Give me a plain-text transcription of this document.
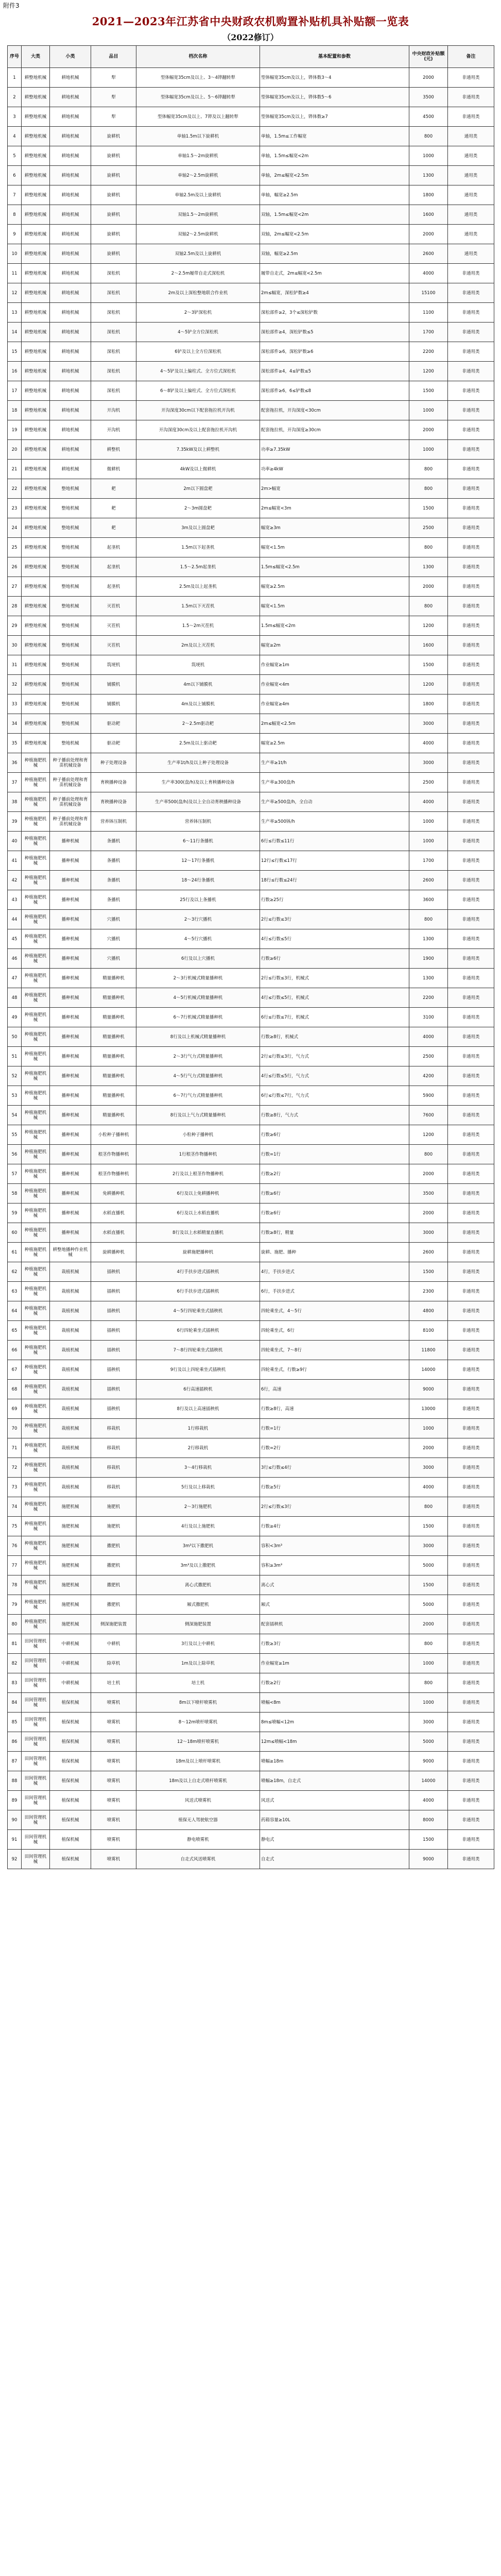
附件3
2021—2023年江苏省中央财政农机购置补贴机具补贴额一览表
（2022修订）
序号	大类	小类	品目	档次名称	基本配置和参数	中央财政补贴额(元)	备注
1	耕整地机械	耕地机械	犁	型体幅宽35cm及以上、3～4铧翻转犁	型体幅宽35cm及以上，铧体数3～4	2000	非通用类
2	耕整地机械	耕地机械	犁	型体幅宽35cm及以上、5～6铧翻转犁	型体幅宽35cm及以上，铧体数5～6	3500	非通用类
3	耕整地机械	耕地机械	犁	型体幅宽35cm及以上、7铧及以上翻转犁	型体幅宽35cm及以上，铧体数≥7	4500	非通用类
4	耕整地机械	耕地机械	旋耕机	单轴1.5m以下旋耕机	单轴，1.5m≤工作幅宽	800	通用类
5	耕整地机械	耕地机械	旋耕机	单轴1.5～2m旋耕机	单轴，1.5m≤幅宽<2m	1000	通用类
6	耕整地机械	耕地机械	旋耕机	单轴2～2.5m旋耕机	单轴，2m≤幅宽<2.5m	1300	通用类
7	耕整地机械	耕地机械	旋耕机	单轴2.5m及以上旋耕机	单轴，幅宽≥2.5m	1800	通用类
8	耕整地机械	耕地机械	旋耕机	双轴1.5～2m旋耕机	双轴，1.5m≤幅宽<2m	1600	通用类
9	耕整地机械	耕地机械	旋耕机	双轴2～2.5m旋耕机	双轴，2m≤幅宽<2.5m	2000	通用类
10	耕整地机械	耕地机械	旋耕机	双轴2.5m及以上旋耕机	双轴，幅宽≥2.5m	2600	通用类
11	耕整地机械	耕地机械	深松机	2～2.5m履带自走式深松机	履带自走式，2m≤幅宽<2.5m	4000	非通用类
12	耕整地机械	耕地机械	深松机	2m及以上深松整地联合作业机	2m≤幅宽，深松铲数≥4	15100	非通用类
13	耕整地机械	耕地机械	深松机	2～3铲深松机	深松部件≥2，3个≤深松铲数	1100	非通用类
14	耕整地机械	耕地机械	深松机	4～5铲全方位深松机	深松部件≥4，深松铲数≤5	1700	非通用类
15	耕整地机械	耕地机械	深松机	6铲及以上全方位深松机	深松部件≥6，深松铲数≥6	2200	非通用类
16	耕整地机械	耕地机械	深松机	4～5铲及以上偏柱式、全方位式深松机	深松部件≥4，4≤铲数≤5	1200	非通用类
17	耕整地机械	耕地机械	深松机	6～8铲及以上偏柱式、全方位式深松机	深松部件≥6，6≤铲数≤8	1500	非通用类
18	耕整地机械	耕地机械	开沟机	开沟深度30cm以下配套拖拉机开沟机	配套拖拉机，开沟深度<30cm	1000	非通用类
19	耕整地机械	耕地机械	开沟机	开沟深度30cm及以上配套拖拉机开沟机	配套拖拉机，开沟深度≥30cm	2000	非通用类
20	耕整地机械	耕地机械	耕整机	7.35kW及以上耕整机	功率≥7.35kW	1000	非通用类
21	耕整地机械	耕地机械	微耕机	4kW及以上微耕机	功率≥4kW	800	非通用类
22	耕整地机械	整地机械	耙	2m以下圆盘耙	2m>幅宽	800	非通用类
23	耕整地机械	整地机械	耙	2～3m圆盘耙	2m≤幅宽<3m	1500	非通用类
24	耕整地机械	整地机械	耙	3m及以上圆盘耙	幅宽≥3m	2500	非通用类
25	耕整地机械	整地机械	起垄机	1.5m以下起垄机	幅宽<1.5m	800	非通用类
26	耕整地机械	整地机械	起垄机	1.5～2.5m起垄机	1.5m≤幅宽<2.5m	1300	非通用类
27	耕整地机械	整地机械	起垄机	2.5m及以上起垄机	幅宽≥2.5m	2000	非通用类
28	耕整地机械	整地机械	灭茬机	1.5m以下灭茬机	幅宽<1.5m	800	非通用类
29	耕整地机械	整地机械	灭茬机	1.5～2m灭茬机	1.5m≤幅宽<2m	1200	非通用类
30	耕整地机械	整地机械	灭茬机	2m及以上灭茬机	幅宽≥2m	1600	非通用类
31	耕整地机械	整地机械	筑埂机	筑埂机	作业幅宽≥1m	1500	非通用类
32	耕整地机械	整地机械	铺膜机	4m以下铺膜机	作业幅宽<4m	1200	非通用类
33	耕整地机械	整地机械	铺膜机	4m及以上铺膜机	作业幅宽≥4m	1800	非通用类
34	耕整地机械	整地机械	驱动耙	2～2.5m驱动耙	2m≤幅宽<2.5m	3000	非通用类
35	耕整地机械	整地机械	驱动耙	2.5m及以上驱动耙	幅宽≥2.5m	4000	非通用类
36	种植施肥机械	种子播前处理和育苗机械设备	种子处理设备	生产率1t/h及以上种子处理设备	生产率≥1t/h	3000	非通用类
37	种植施肥机械	种子播前处理和育苗机械设备	育秧播种设备	生产率300(盘/h)及以上育秧播种设备	生产率≥300盘/h	2500	非通用类
38	种植施肥机械	种子播前处理和育苗机械设备	育秧播种设备	生产率500(盘/h)及以上全自动育秧播种设备	生产率≥500盘/h，全自动	4000	非通用类
39	种植施肥机械	种子播前处理和育苗机械设备	营养钵压制机	营养钵压制机	生产率≥500钵/h	1000	非通用类
40	种植施肥机械	播种机械	条播机	6～11行条播机	6行≤行数≤11行	1000	非通用类
41	种植施肥机械	播种机械	条播机	12～17行条播机	12行≤行数≤17行	1700	非通用类
42	种植施肥机械	播种机械	条播机	18～24行条播机	18行≤行数≤24行	2600	非通用类
43	种植施肥机械	播种机械	条播机	25行及以上条播机	行数≥25行	3600	非通用类
44	种植施肥机械	播种机械	穴播机	2～3行穴播机	2行≤行数≤3行	800	非通用类
45	种植施肥机械	播种机械	穴播机	4～5行穴播机	4行≤行数≤5行	1300	非通用类
46	种植施肥机械	播种机械	穴播机	6行及以上穴播机	行数≥6行	1900	非通用类
47	种植施肥机械	播种机械	精量播种机	2～3行机械式精量播种机	2行≤行数≤3行，机械式	1300	非通用类
48	种植施肥机械	播种机械	精量播种机	4～5行机械式精量播种机	4行≤行数≤5行，机械式	2200	非通用类
49	种植施肥机械	播种机械	精量播种机	6～7行机械式精量播种机	6行≤行数≤7行，机械式	3100	非通用类
50	种植施肥机械	播种机械	精量播种机	8行及以上机械式精量播种机	行数≥8行，机械式	4000	非通用类
51	种植施肥机械	播种机械	精量播种机	2～3行气力式精量播种机	2行≤行数≤3行，气力式	2500	非通用类
52	种植施肥机械	播种机械	精量播种机	4～5行气力式精量播种机	4行≤行数≤5行，气力式	4200	非通用类
53	种植施肥机械	播种机械	精量播种机	6～7行气力式精量播种机	6行≤行数≤7行，气力式	5900	非通用类
54	种植施肥机械	播种机械	精量播种机	8行及以上气力式精量播种机	行数≥8行，气力式	7600	非通用类
55	种植施肥机械	播种机械	小粒种子播种机	小粒种子播种机	行数≥6行	1200	非通用类
56	种植施肥机械	播种机械	根茎作物播种机	1行根茎作物播种机	行数=1行	800	非通用类
57	种植施肥机械	播种机械	根茎作物播种机	2行及以上根茎作物播种机	行数≥2行	2000	非通用类
58	种植施肥机械	播种机械	免耕播种机	6行及以上免耕播种机	行数≥6行	3500	非通用类
59	种植施肥机械	播种机械	水稻直播机	6行及以上水稻直播机	行数≥6行	2000	非通用类
60	种植施肥机械	播种机械	水稻直播机	8行及以上水稻精量直播机	行数≥8行，精量	3000	非通用类
61	种植施肥机械	耕整地播种作业机械	旋耕播种机	旋耕施肥播种机	旋耕、施肥、播种	2600	非通用类
62	种植施肥机械	栽植机械	插秧机	4行手扶步进式插秧机	4行，手扶步进式	1500	非通用类
63	种植施肥机械	栽植机械	插秧机	6行手扶步进式插秧机	6行，手扶步进式	2300	非通用类
64	种植施肥机械	栽植机械	插秧机	4～5行四轮乘坐式插秧机	四轮乘坐式，4～5行	4800	非通用类
65	种植施肥机械	栽植机械	插秧机	6行四轮乘坐式插秧机	四轮乘坐式，6行	8100	非通用类
66	种植施肥机械	栽植机械	插秧机	7～8行四轮乘坐式插秧机	四轮乘坐式，7～8行	11800	非通用类
67	种植施肥机械	栽植机械	插秧机	9行及以上四轮乘坐式插秧机	四轮乘坐式，行数≥9行	14000	非通用类
68	种植施肥机械	栽植机械	插秧机	6行高速插秧机	6行，高速	9000	非通用类
69	种植施肥机械	栽植机械	插秧机	8行及以上高速插秧机	行数≥8行，高速	13000	非通用类
70	种植施肥机械	栽植机械	移栽机	1行移栽机	行数=1行	1000	非通用类
71	种植施肥机械	栽植机械	移栽机	2行移栽机	行数=2行	2000	非通用类
72	种植施肥机械	栽植机械	移栽机	3～4行移栽机	3行≤行数≤4行	3000	非通用类
73	种植施肥机械	栽植机械	移栽机	5行及以上移栽机	行数≥5行	4000	非通用类
74	种植施肥机械	施肥机械	施肥机	2～3行施肥机	2行≤行数≤3行	800	非通用类
75	种植施肥机械	施肥机械	施肥机	4行及以上施肥机	行数≥4行	1500	非通用类
76	种植施肥机械	施肥机械	撒肥机	3m³以下撒肥机	容积<3m³	3000	非通用类
77	种植施肥机械	施肥机械	撒肥机	3m³及以上撒肥机	容积≥3m³	5000	非通用类
78	种植施肥机械	施肥机械	撒肥机	离心式撒肥机	离心式	1500	非通用类
79	种植施肥机械	施肥机械	撒肥机	厢式撒肥机	厢式	5000	非通用类
80	种植施肥机械	施肥机械	侧深施肥装置	侧深施肥装置	配套插秧机	2000	非通用类
81	田间管理机械	中耕机械	中耕机	3行及以上中耕机	行数≥3行	800	非通用类
82	田间管理机械	中耕机械	除草机	1m及以上除草机	作业幅宽≥1m	1000	非通用类
83	田间管理机械	中耕机械	培土机	培土机	行数≥2行	800	非通用类
84	田间管理机械	植保机械	喷雾机	8m以下喷杆喷雾机	喷幅<8m	1000	非通用类
85	田间管理机械	植保机械	喷雾机	8～12m喷杆喷雾机	8m≤喷幅<12m	3000	非通用类
86	田间管理机械	植保机械	喷雾机	12～18m喷杆喷雾机	12m≤喷幅<18m	5000	非通用类
87	田间管理机械	植保机械	喷雾机	18m及以上喷杆喷雾机	喷幅≥18m	9000	非通用类
88	田间管理机械	植保机械	喷雾机	18m及以上自走式喷杆喷雾机	喷幅≥18m，自走式	14000	非通用类
89	田间管理机械	植保机械	喷雾机	风送式喷雾机	风送式	4000	非通用类
90	田间管理机械	植保机械	喷雾机	植保无人驾驶航空器	药箱容量≥10L	8000	非通用类
91	田间管理机械	植保机械	喷雾机	静电喷雾机	静电式	1500	非通用类
92	田间管理机械	植保机械	喷雾机	自走式风送喷雾机	自走式	9000	非通用类
